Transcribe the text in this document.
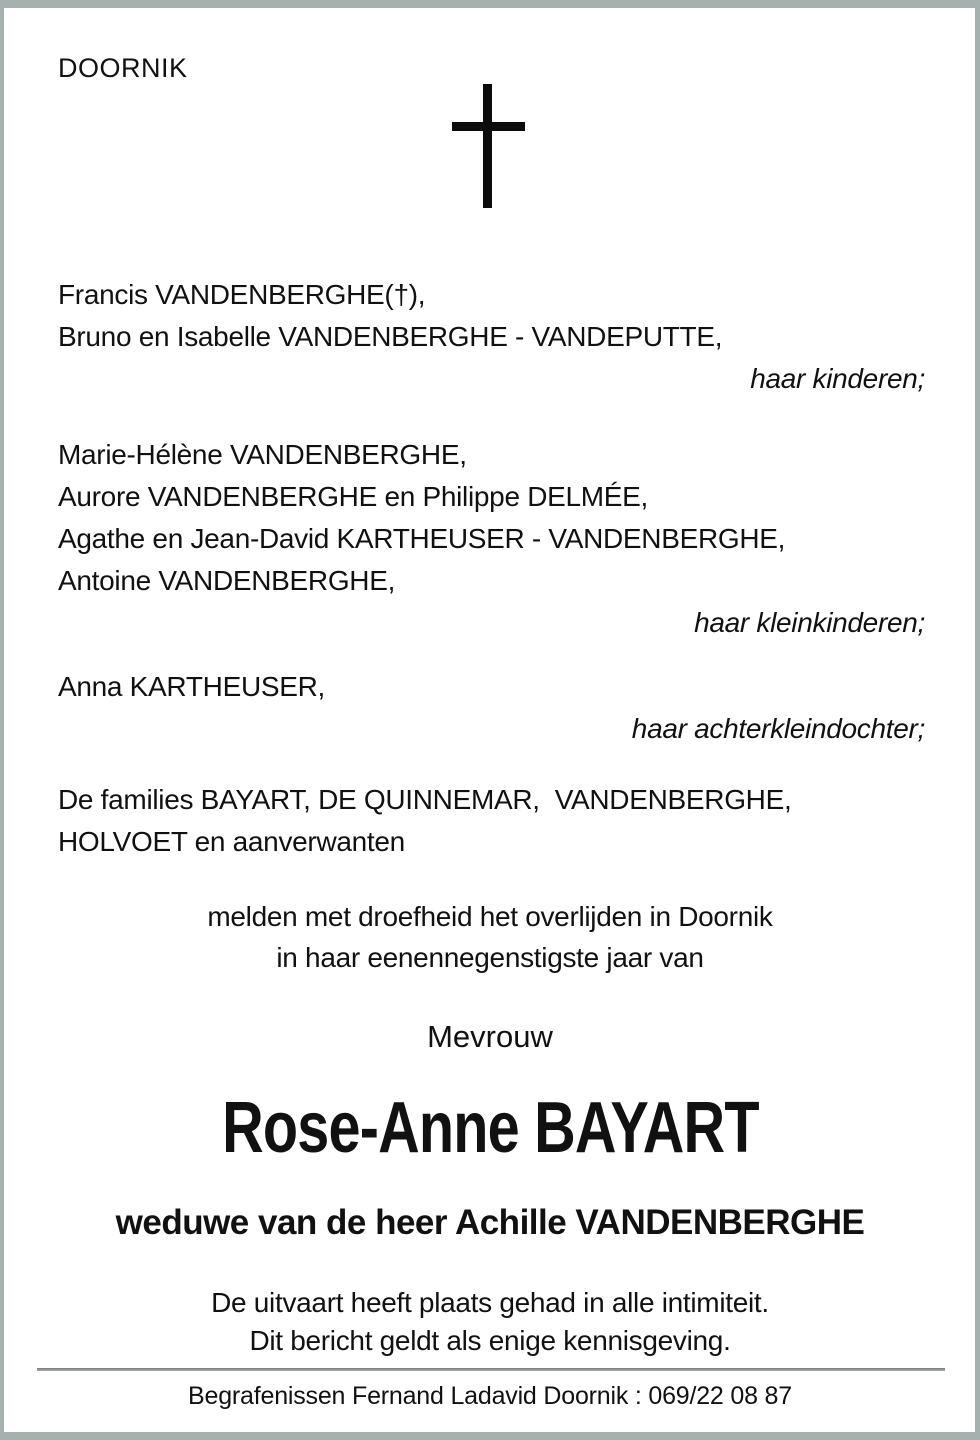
DOORNIK
Francis VANDENBERGHE(†),
Bruno en Isabelle VANDENBERGHE - VANDEPUTTE,
haar kinderen;
Marie-Hélène VANDENBERGHE,
Aurore VANDENBERGHE en Philippe DELMÉE,
Agathe en Jean-David KARTHEUSER - VANDENBERGHE,
Antoine VANDENBERGHE,
haar kleinkinderen;
Anna KARTHEUSER,
haar achterkleindochter;
De families BAYART, DE QUINNEMAR,  VANDENBERGHE,
HOLVOET en aanverwanten
melden met droefheid het overlijden in Doornik
in haar eenennegenstigste jaar van
Mevrouw
Rose-Anne BAYART
weduwe van de heer Achille VANDENBERGHE
De uitvaart heeft plaats gehad in alle intimiteit.
Dit bericht geldt als enige kennisgeving.
Begrafenissen Fernand Ladavid Doornik : 069/22 08 87
